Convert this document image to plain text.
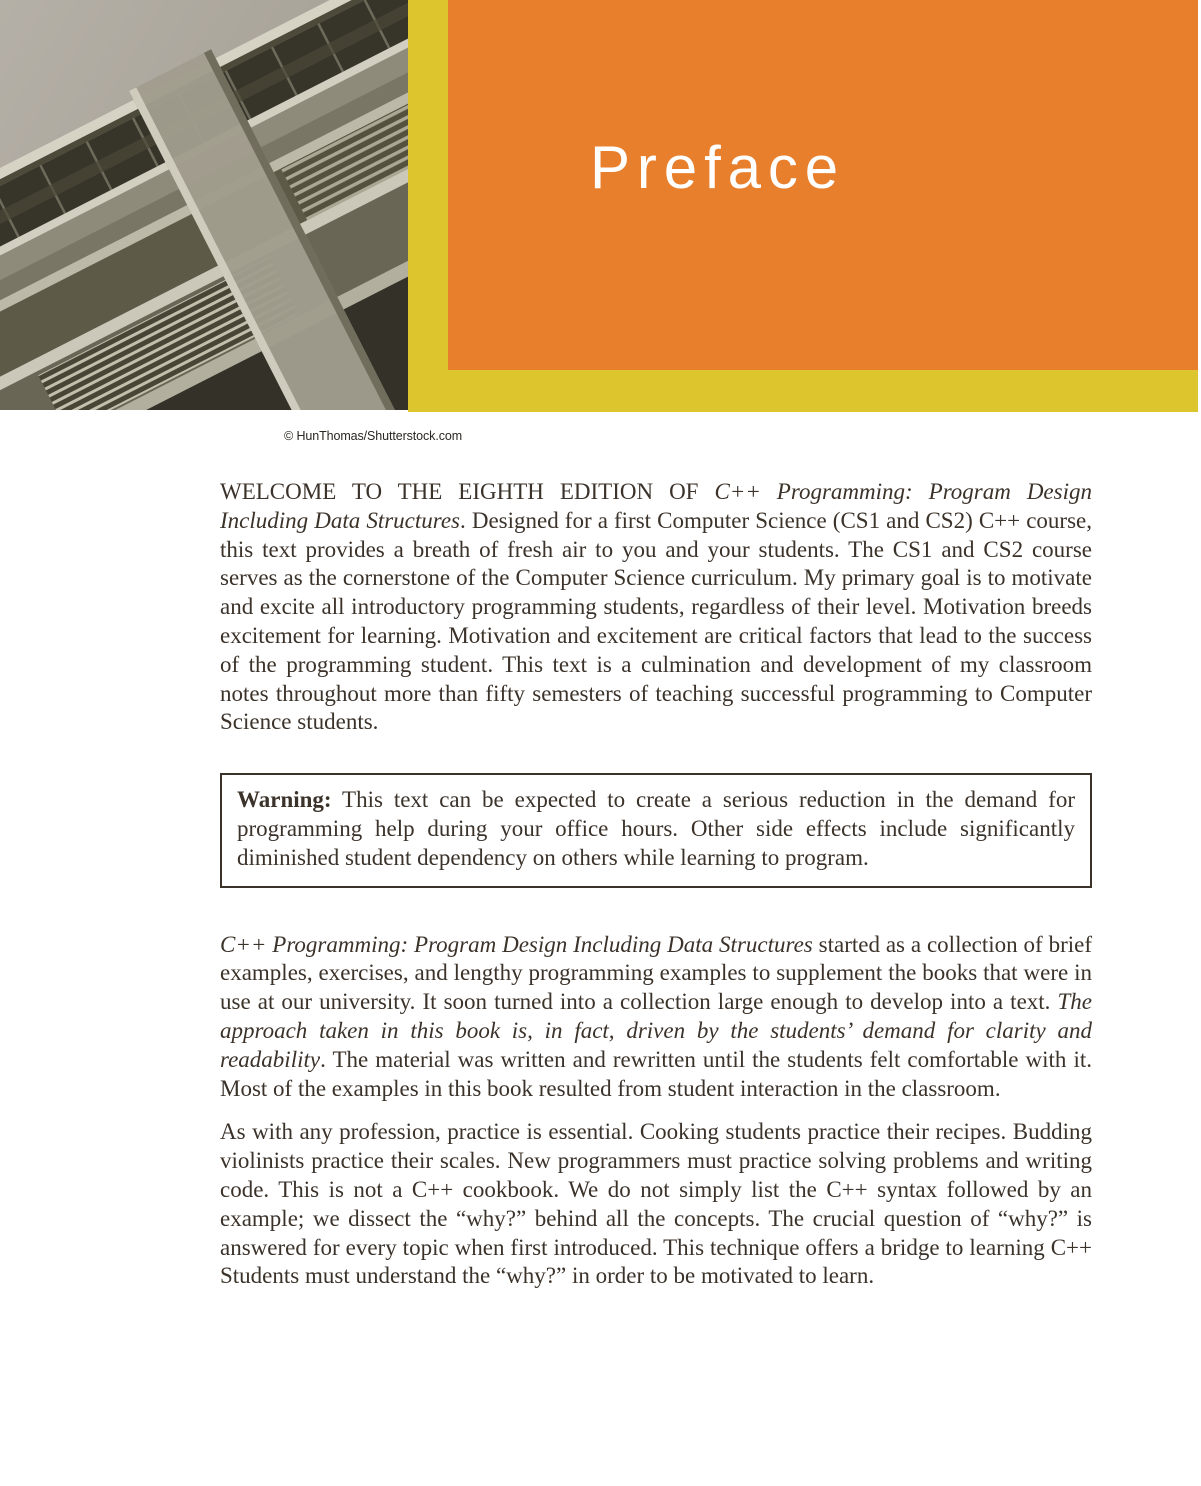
Preface
© HunThomas/Shutterstock.com

WELCOME TO THE EIGHTH EDITION OF C++ Programming: Program Design Including Data Structures. Designed for a first Computer Science (CS1 and CS2) C++ course, this text provides a breath of fresh air to you and your students. The CS1 and CS2 course serves as the cornerstone of the Computer Science curriculum. My primary goal is to motivate and excite all introductory programming students, regardless of their level. Motivation breeds excitement for learning. Motivation and excitement are critical factors that lead to the success of the programming student. This text is a culmination and development of my classroom notes throughout more than fifty semesters of teaching successful programming to Computer Science students.

Warning: This text can be expected to create a serious reduction in the demand for programming help during your office hours. Other side effects include significantly diminished student dependency on others while learning to program.

C++ Programming: Program Design Including Data Structures started as a collection of brief examples, exercises, and lengthy programming examples to supplement the books that were in use at our university. It soon turned into a collection large enough to develop into a text. The approach taken in this book is, in fact, driven by the students’ demand for clarity and readability. The material was written and rewritten until the students felt comfortable with it. Most of the examples in this book resulted from student interaction in the classroom.

As with any profession, practice is essential. Cooking students practice their recipes. Budding violinists practice their scales. New programmers must practice solving problems and writing code. This is not a C++ cookbook. We do not simply list the C++ syntax followed by an example; we dissect the “why?” behind all the concepts. The crucial question of “why?” is answered for every topic when first introduced. This technique offers a bridge to learning C++ Students must understand the “why?” in order to be motivated to learn.
